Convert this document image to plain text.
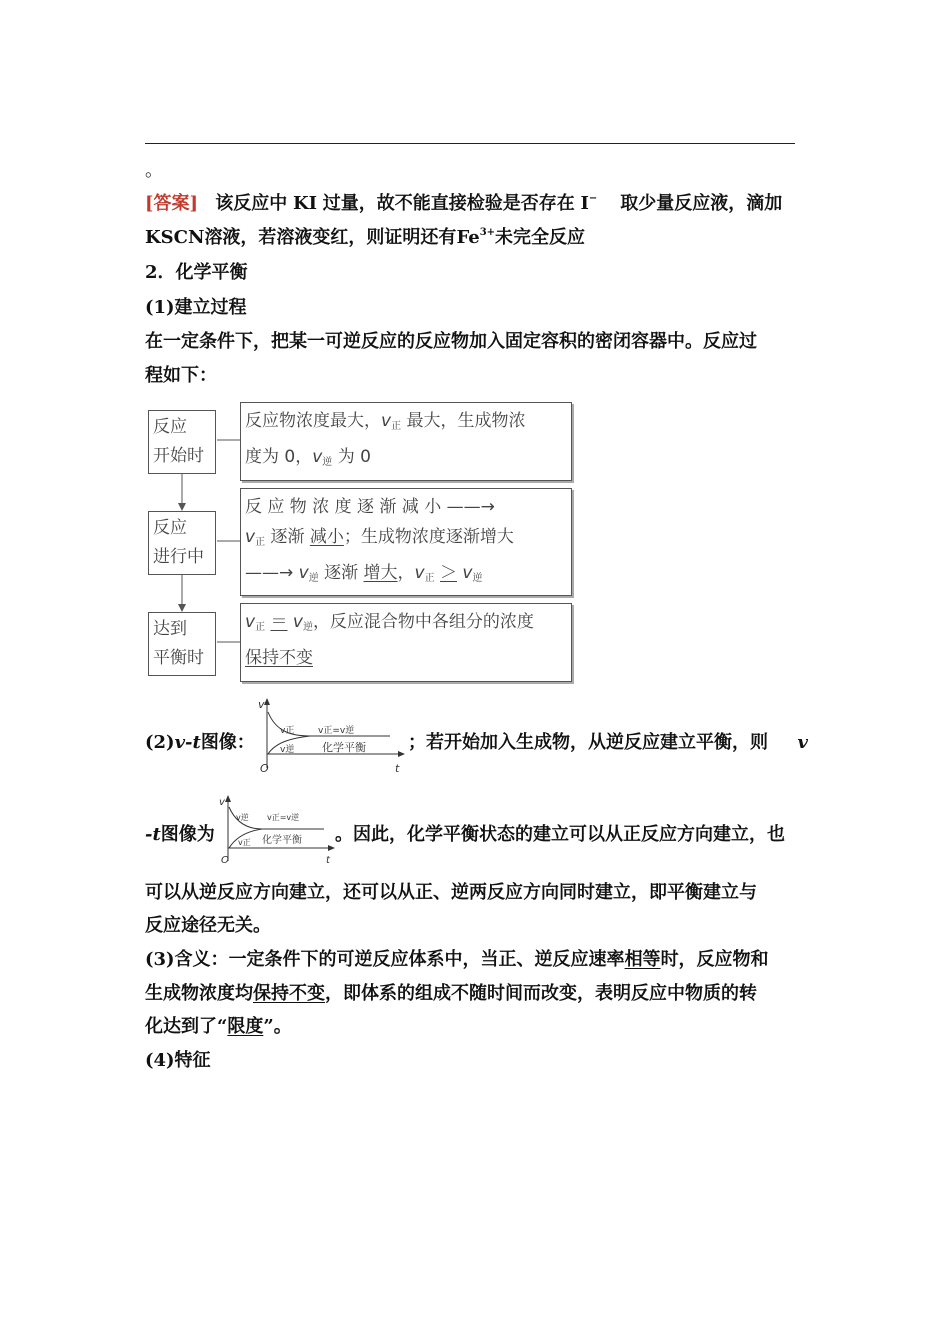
。
[答案] 该反应中 KI 过量，故不能直接检验是否存在 I− 取少量反应液，滴加
KSCN溶液，若溶液变红，则证明还有$Fe^{3+}$未完全反应
2．化学平衡
(1)建立过程
在一定条件下，把某一可逆反应的反应物加入固定容积的密闭容器中。反应过
程如下：
反应
开始时
反应物浓度最大，$v_正$ 最大，生成物浓
度为 0，$v_逆$ 为 0
反应
进行中
反 应 物 浓 度 逐 渐 减 小 ——→
$v_正$ 逐渐 减小；生成物浓度逐渐增大
——→ $v_逆$ 逐渐 增大，$v_正 > v_逆$
达到
平衡时
$v_正 = v_逆$，反应混合物中各组分的浓度
保持不变
(2)v-t图像：
v
t
O
v正
v逆
v正=v逆
化学平衡 ；若开始加入生成物，从逆反应建立平衡，则 v
-t图像为
v
t
O
v逆
v正
v正=v逆
化学平衡 。因此，化学平衡状态的建立可以从正反应方向建立，也
可以从逆反应方向建立，还可以从正、逆两反应方向同时建立，即平衡建立与
反应途径无关。
(3)含义：一定条件下的可逆反应体系中，当正、逆反应速率相等时，反应物和
生成物浓度均保持不变，即体系的组成不随时间而改变，表明反应中物质的转
化达到了“限度”。
(4)特征
